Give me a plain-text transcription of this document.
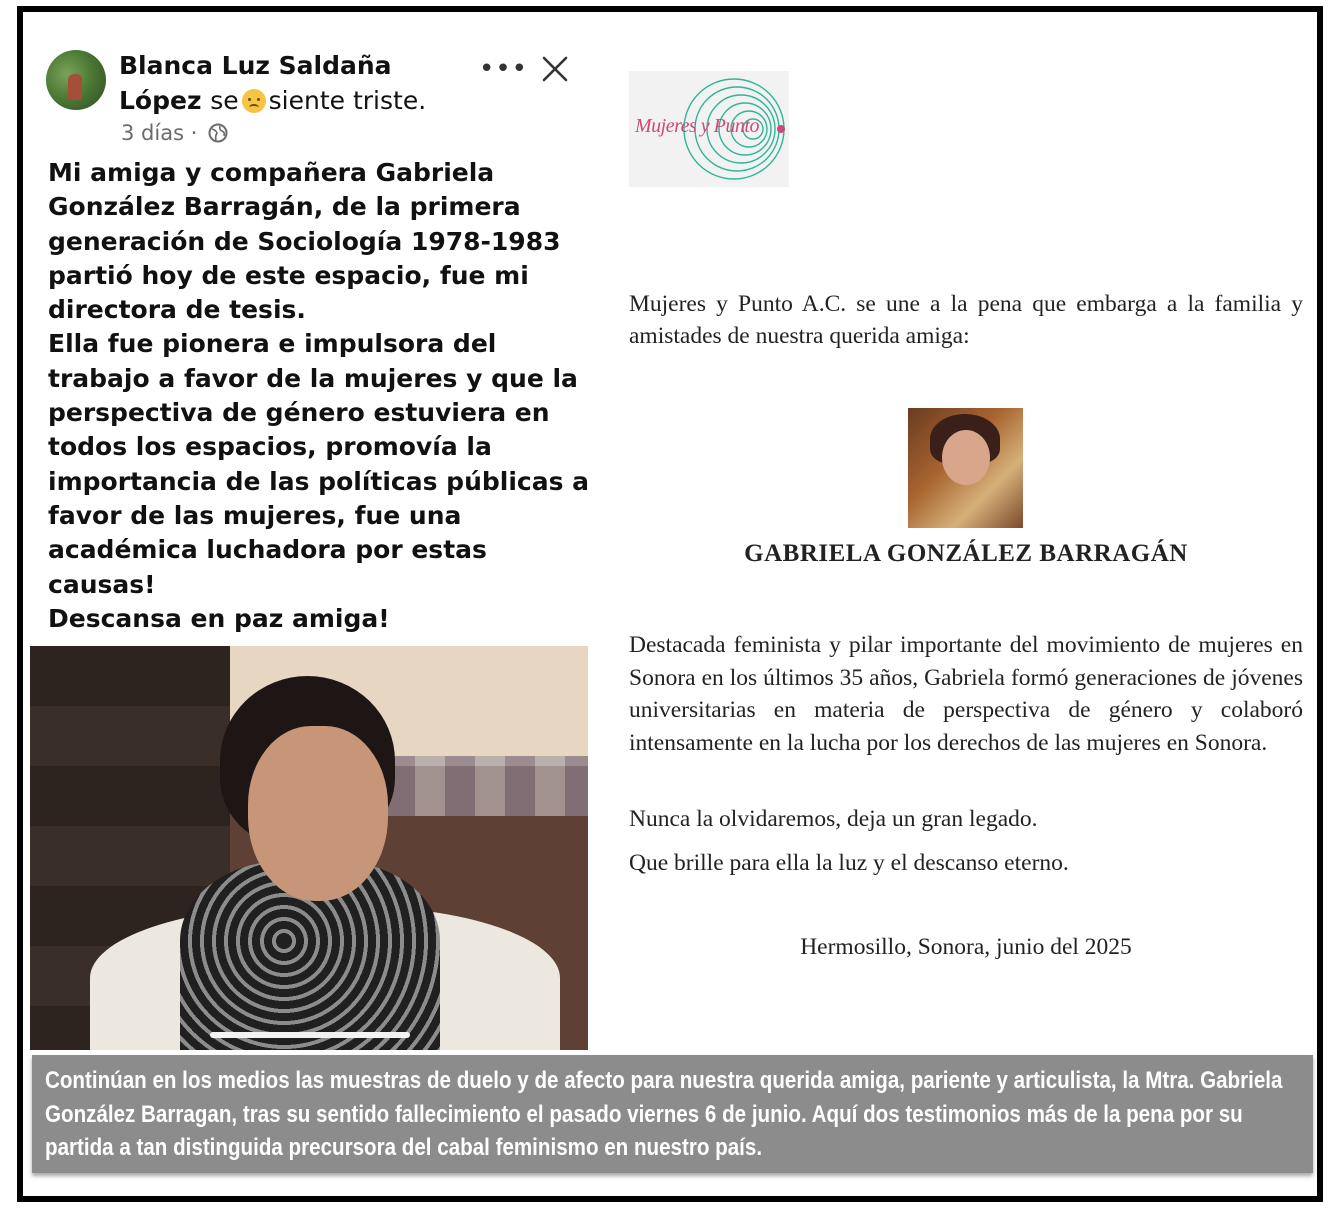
Blanca Luz Saldaña
López se siente triste.
3 días ·
•••
Mi amiga y compañera Gabriela González Barragán, de la primera generación de Sociología 1978-1983 partió hoy de este espacio, fue mi directora de tesis.
Ella fue pionera e impulsora del trabajo a favor de la mujeres y que la perspectiva de género estuviera en todos los espacios, promovía la importancia de las políticas públicas a favor de las mujeres, fue una académica luchadora por estas causas!
Descansa en paz amiga!
Mujeres y Punto
Mujeres y Punto A.C. se une a la pena que embarga a la familia y amistades de nuestra querida amiga:
GABRIELA GONZÁLEZ BARRAGÁN
Destacada feminista y pilar importante del movimiento de mujeres en Sonora en los últimos 35 años, Gabriela formó generaciones de jóvenes universitarias en materia de perspectiva de género y colaboró intensamente en la lucha por los derechos de las mujeres en Sonora.
Nunca la olvidaremos, deja un gran legado.
Que brille para ella la luz y el descanso eterno.
Hermosillo, Sonora, junio del 2025
Continúan en los medios las muestras de duelo y de afecto para nuestra querida amiga, pariente y articulista, la Mtra. Gabriela González Barragan, tras su sentido fallecimiento el pasado viernes 6 de junio. Aquí dos testimonios más de la pena por su partida a tan distinguida precursora del cabal feminismo en nuestro país.
